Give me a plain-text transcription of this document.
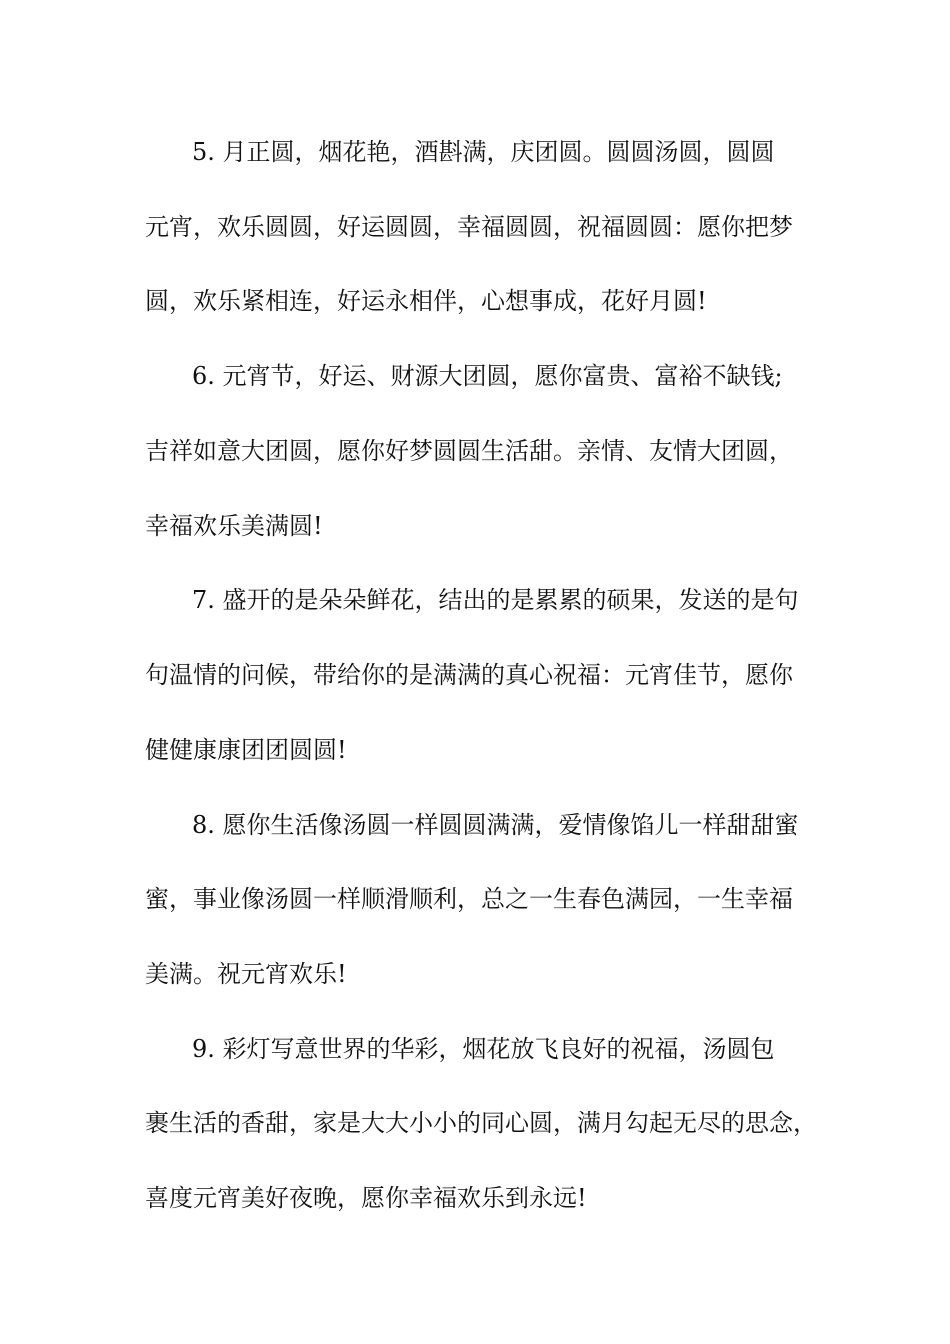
5. 月正圆，烟花艳，酒斟满，庆团圆。圆圆汤圆，圆圆
元宵，欢乐圆圆，好运圆圆，幸福圆圆，祝福圆圆：愿你把梦
圆，欢乐紧相连，好运永相伴，心想事成，花好月圆!
6. 元宵节，好运、财源大团圆，愿你富贵、富裕不缺钱;
吉祥如意大团圆，愿你好梦圆圆生活甜。亲情、友情大团圆，
幸福欢乐美满圆!
7. 盛开的是朵朵鲜花，结出的是累累的硕果，发送的是句
句温情的问候，带给你的是满满的真心祝福：元宵佳节，愿你
健健康康团团圆圆!
8. 愿你生活像汤圆一样圆圆满满，爱情像馅儿一样甜甜蜜
蜜，事业像汤圆一样顺滑顺利，总之一生春色满园，一生幸福
美满。祝元宵欢乐!
9. 彩灯写意世界的华彩，烟花放飞良好的祝福，汤圆包
裹生活的香甜，家是大大小小的同心圆，满月勾起无尽的思念，
喜度元宵美好夜晚，愿你幸福欢乐到永远!
